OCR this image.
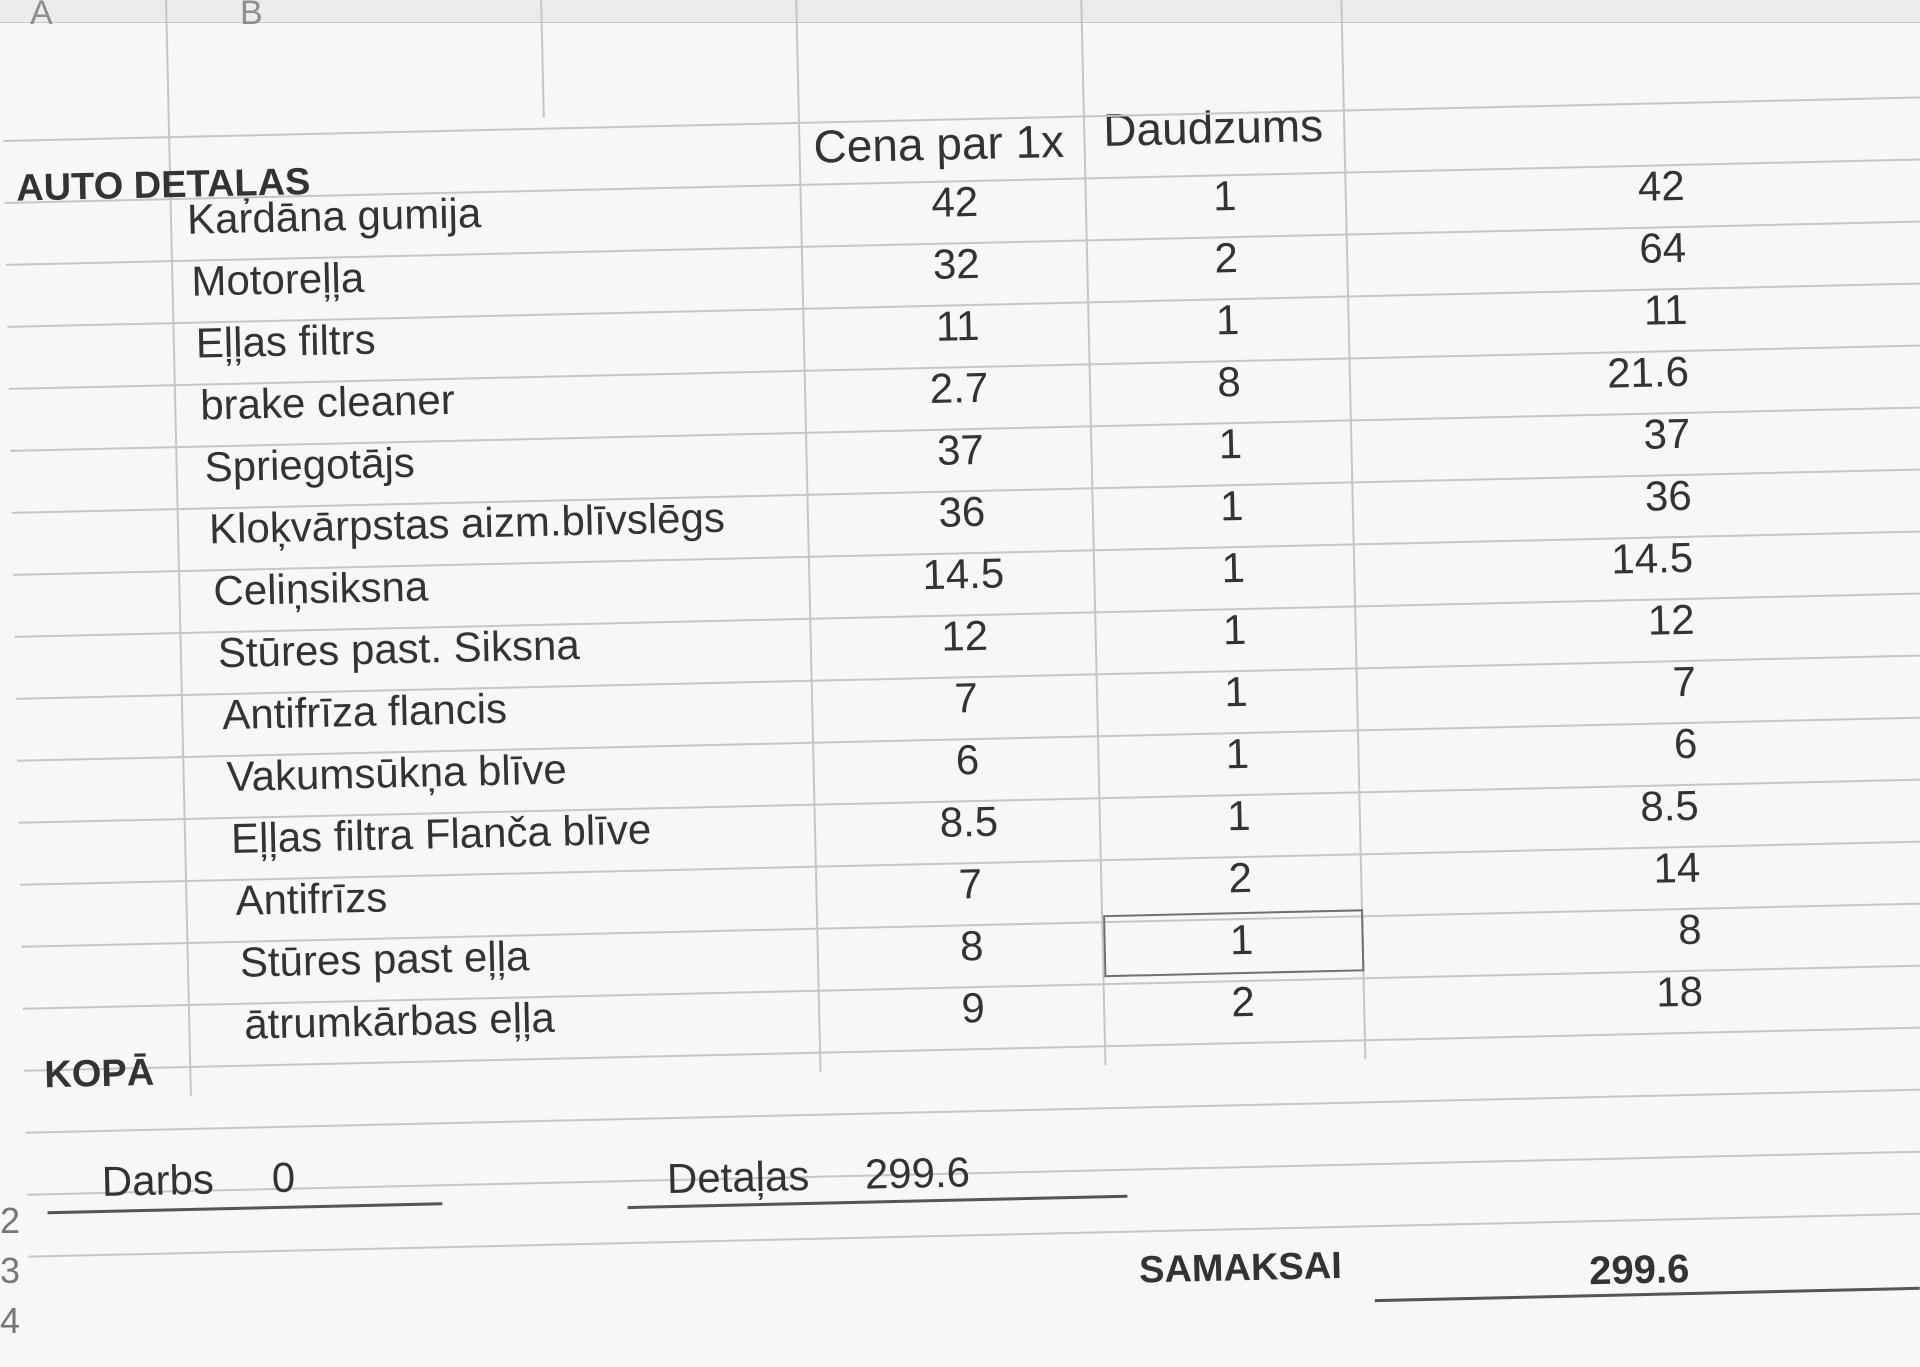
A	B
AUTO DETAĻAS
Cena par 1x Daudzums
Kardāna gumija	42	1	42
Motoreļļa	32	2	64
Eļļas filtrs	11	1	11
brake cleaner	2.7	8	21.6
Spriegotājs	37	1	37
Kloķvārpstas aizm.blīvslēgs	36	1	36
Celiņsiksna	14.5	1	14.5
Stūres past. Siksna	12	1	12
Antifrīza flancis	7	1	7
Vakumsūkņa blīve	6	1	6
Eļļas filtra Flanča blīve	8.5	1	8.5
Antifrīzs	7	2	14
Stūres past eļļa	8	1	8
ātrumkārbas eļļa	9	2	18
KOPĀ
Darbs 0	Detaļas 299.6
SAMAKSAI	299.6
2
3
4
